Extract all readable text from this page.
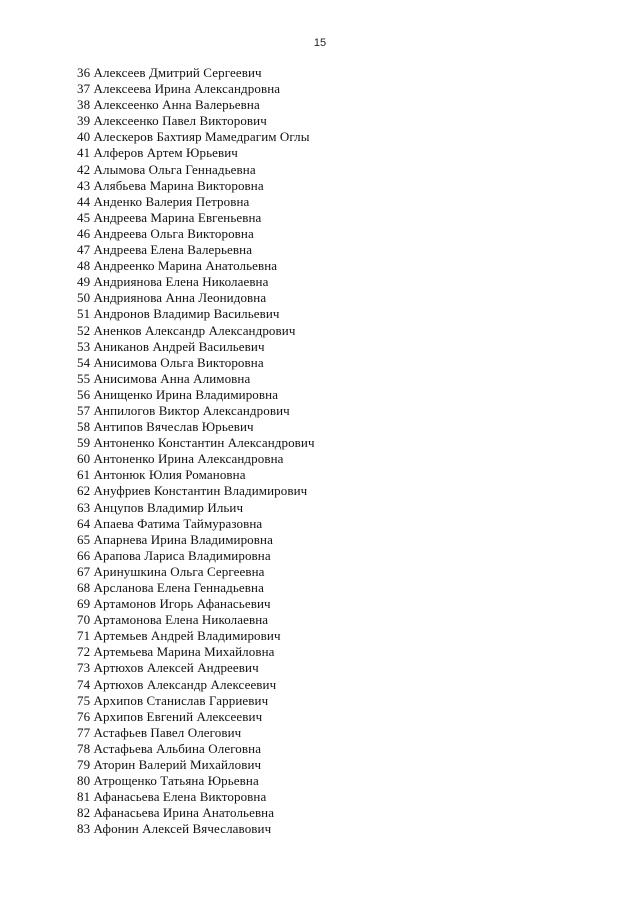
15
36 Алексеев Дмитрий Сергеевич
37 Алексеева Ирина Александровна
38 Алексеенко Анна Валерьевна
39 Алексеенко Павел Викторович
40 Алескеров Бахтияр Мамедрагим Оглы
41 Алферов Артем Юрьевич
42 Алымова Ольга Геннадьевна
43 Алябьева Марина Викторовна
44 Анденко Валерия Петровна
45 Андреева Марина Евгеньевна
46 Андреева Ольга Викторовна
47 Андреева Елена Валерьевна
48 Андреенко Марина Анатольевна
49 Андриянова Елена Николаевна
50 Андриянова Анна Леонидовна
51 Андронов Владимир Васильевич
52 Аненков Александр Александрович
53 Аниканов Андрей Васильевич
54 Анисимова Ольга Викторовна
55 Анисимова Анна Алимовна
56 Анищенко Ирина Владимировна
57 Анпилогов Виктор Александрович
58 Антипов Вячеслав Юрьевич
59 Антоненко Константин Александрович
60 Антоненко Ирина Александровна
61 Антонюк Юлия Романовна
62 Ануфриев Константин Владимирович
63 Анцупов Владимир Ильич
64 Апаева Фатима Таймуразовна
65 Апарнева Ирина Владимировна
66 Арапова Лариса Владимировна
67 Аринушкина Ольга Сергеевна
68 Арсланова Елена Геннадьевна
69 Артамонов Игорь Афанасьевич
70 Артамонова Елена Николаевна
71 Артемьев Андрей Владимирович
72 Артемьева Марина Михайловна
73 Артюхов Алексей Андреевич
74 Артюхов Александр Алексеевич
75 Архипов Станислав Гарриевич
76 Архипов Евгений Алексеевич
77 Астафьев Павел Олегович
78 Астафьева Альбина Олеговна
79 Аторин Валерий Михайлович
80 Атрощенко Татьяна Юрьевна
81 Афанасьева Елена Викторовна
82 Афанасьева Ирина Анатольевна
83 Афонин Алексей Вячеславович
